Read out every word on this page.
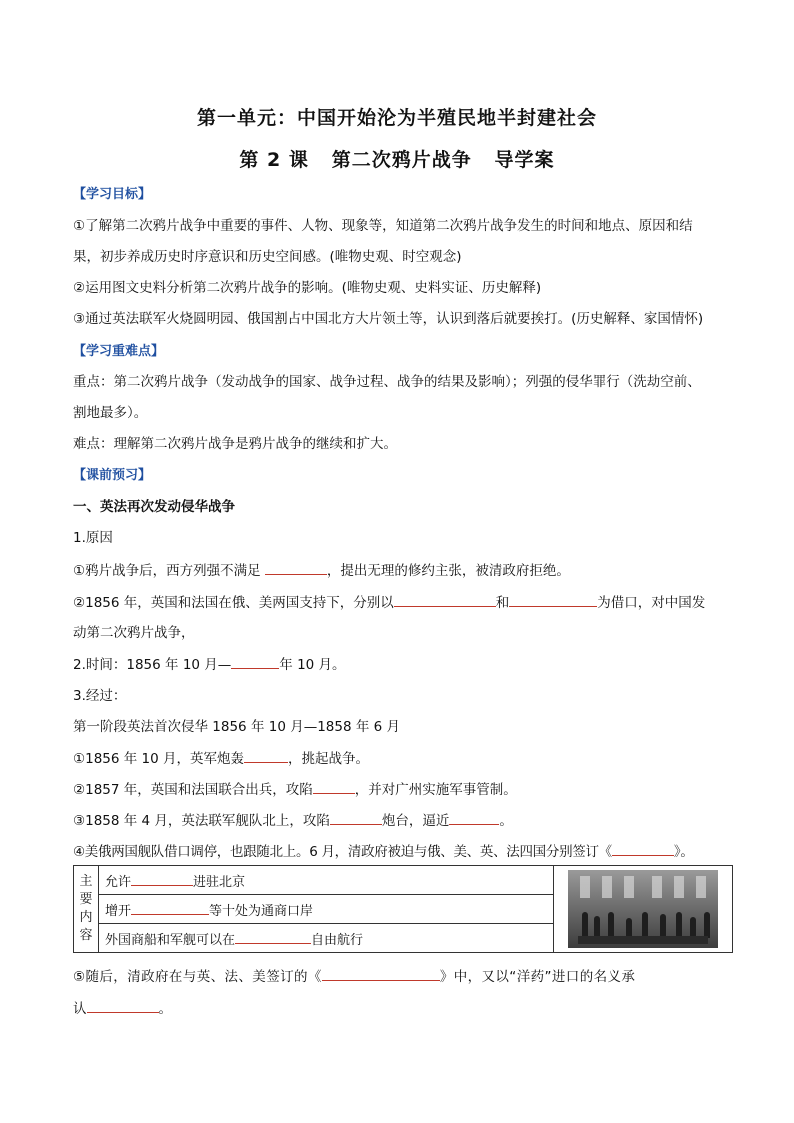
第一单元：中国开始沦为半殖民地半封建社会
第 2 课   第二次鸦片战争   导学案
【学习目标】
①了解第二次鸦片战争中重要的事件、人物、现象等，知道第二次鸦片战争发生的时间和地点、原因和结
果，初步养成历史时序意识和历史空间感。(唯物史观、时空观念)
②运用图文史料分析第二次鸦片战争的影响。(唯物史观、史料实证、历史解释)
③通过英法联军火烧圆明园、俄国割占中国北方大片领土等，认识到落后就要挨打。(历史解释、家国情怀)
【学习重难点】
重点：第二次鸦片战争（发动战争的国家、战争过程、战争的结果及影响）；列强的侵华罪行（洗劫空前、
割地最多）。
难点：理解第二次鸦片战争是鸦片战争的继续和扩大。
【课前预习】
一、英法再次发动侵华战争
1.原因
①鸦片战争后，西方列强不满足	，提出无理的修约主张，被清政府拒绝。
②1856 年，英国和法国在俄、美两国支持下，分别以	和	为借口，对中国发
动第二次鸦片战争，
2.时间：1856 年 10 月—	年 10 月。
3.经过：
第一阶段英法首次侵华 1856 年 10 月—1858 年 6 月
①1856 年 10 月，英军炮轰	，挑起战争。
②1857 年，英国和法国联合出兵，攻陷	，并对广州实施军事管制。
③1858 年 4 月，英法联军舰队北上，攻陷	炮台，逼近	。
④美俄两国舰队借口调停，也跟随北上。6 月，清政府被迫与俄、美、英、法四国分别签订《	》。
主要内容	允许	进驻北京	

增开	等十处为通商口岸
外国商船和军舰可以在	自由航行
⑤随后，清政府在与英、法、美签订的《	》中，又以“洋药”进口的名义承
认	。
